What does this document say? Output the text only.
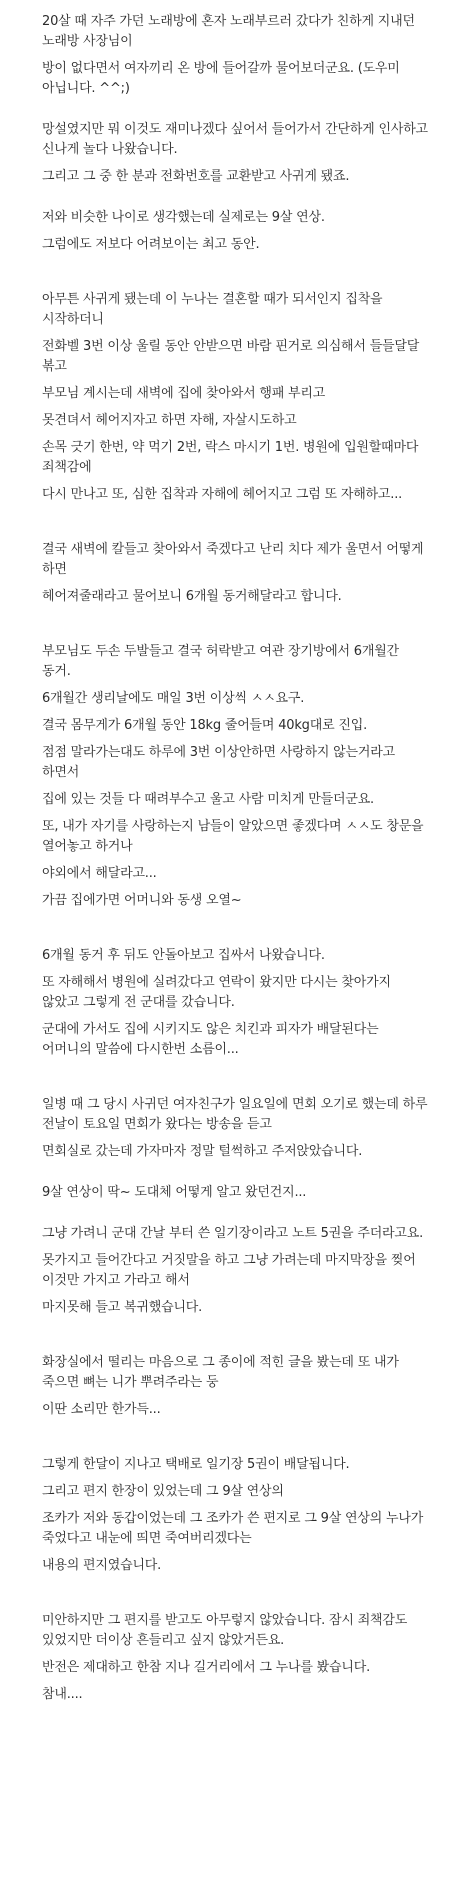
20살 때 자주 가던 노래방에 혼자 노래부르러 갔다가 친하게 지내던 노래방 사장님이
방이 없다면서 여자끼리 온 방에 들어갈까 물어보더군요. (도우미 아닙니다. ^^;)
망설였지만 뭐 이것도 재미나겠다 싶어서 들어가서 간단하게 인사하고 신나게 놀다 나왔습니다.
그리고 그 중 한 분과 전화번호를 교환받고 사귀게 됐죠.
저와 비슷한 나이로 생각했는데 실제로는 9살 연상.
그럼에도 저보다 어려보이는 최고 동안.
아무튼 사귀게 됐는데 이 누나는 결혼할 때가 되서인지 집착을 시작하더니
전화벨 3번 이상 울릴 동안 안받으면 바람 핀거로 의심해서 들들달달 볶고
부모님 계시는데 새벽에 집에 찾아와서 행패 부리고
못견뎌서 헤어지자고 하면 자해, 자살시도하고
손목 긋기 한번, 약 먹기 2번, 락스 마시기 1번. 병원에 입원할때마다 죄책감에
다시 만나고 또, 심한 집착과 자해에 헤어지고 그럼 또 자해하고...
결국 새벽에 칼들고 찾아와서 죽겠다고 난리 치다 제가 울면서 어떻게 하면
헤어져줄래라고 물어보니 6개월 동거해달라고 합니다.
부모님도 두손 두발들고 결국 허락받고 여관 장기방에서 6개월간 동거.
6개월간 생리날에도 매일 3번 이상씩 ㅅㅅ요구.
결국 몸무게가 6개월 동안 18kg 줄어들며 40kg대로 진입.
점점 말라가는대도 하루에 3번 이상안하면 사랑하지 않는거라고 하면서
집에 있는 것들 다 때려부수고 울고 사람 미치게 만들더군요.
또, 내가 자기를 사랑하는지 남들이 알았으면 좋겠다며 ㅅㅅ도 창문을 열어놓고 하거나
야외에서 해달라고...
가끔 집에가면 어머니와 동생 오열~
6개월 동거 후 뒤도 안돌아보고 집싸서 나왔습니다.
또 자해해서 병원에 실려갔다고 연락이 왔지만 다시는 찾아가지 않았고 그렇게 전 군대를 갔습니다.
군대에 가서도 집에 시키지도 않은 치킨과 피자가 배달된다는 어머니의 말씀에 다시한번 소름이...
일병 때 그 당시 사귀던 여자친구가 일요일에 면회 오기로 했는데 하루 전날이 토요일 면회가 왔다는 방송을 듣고
면회실로 갔는데 가자마자 정말 털썩하고 주저앉았습니다.
9살 연상이 딱~ 도대체 어떻게 알고 왔던건지...
그냥 가려니 군대 간날 부터 쓴 일기장이라고 노트 5권을 주더라고요.
못가지고 들어간다고 거짓말을 하고 그냥 가려는데 마지막장을 찢어 이것만 가지고 가라고 해서
마지못해 들고 복귀했습니다.
화장실에서 떨리는 마음으로 그 종이에 적힌 글을 봤는데 또 내가 죽으면 뼈는 니가 뿌려주라는 둥
이딴 소리만 한가득...
그렇게 한달이 지나고 택배로 일기장 5권이 배달됩니다.
그리고 편지 한장이 있었는데 그 9살 연상의
조카가 저와 동갑이었는데 그 조카가 쓴 편지로 그 9살 연상의 누나가 죽었다고 내눈에 띄면 죽여버리겠다는
내용의 편지였습니다.
미안하지만 그 편지를 받고도 아무렇지 않았습니다. 잠시 죄책감도 있었지만 더이상 흔들리고 싶지 않았거든요.
반전은 제대하고 한참 지나 길거리에서 그 누나를 봤습니다.
참내....
